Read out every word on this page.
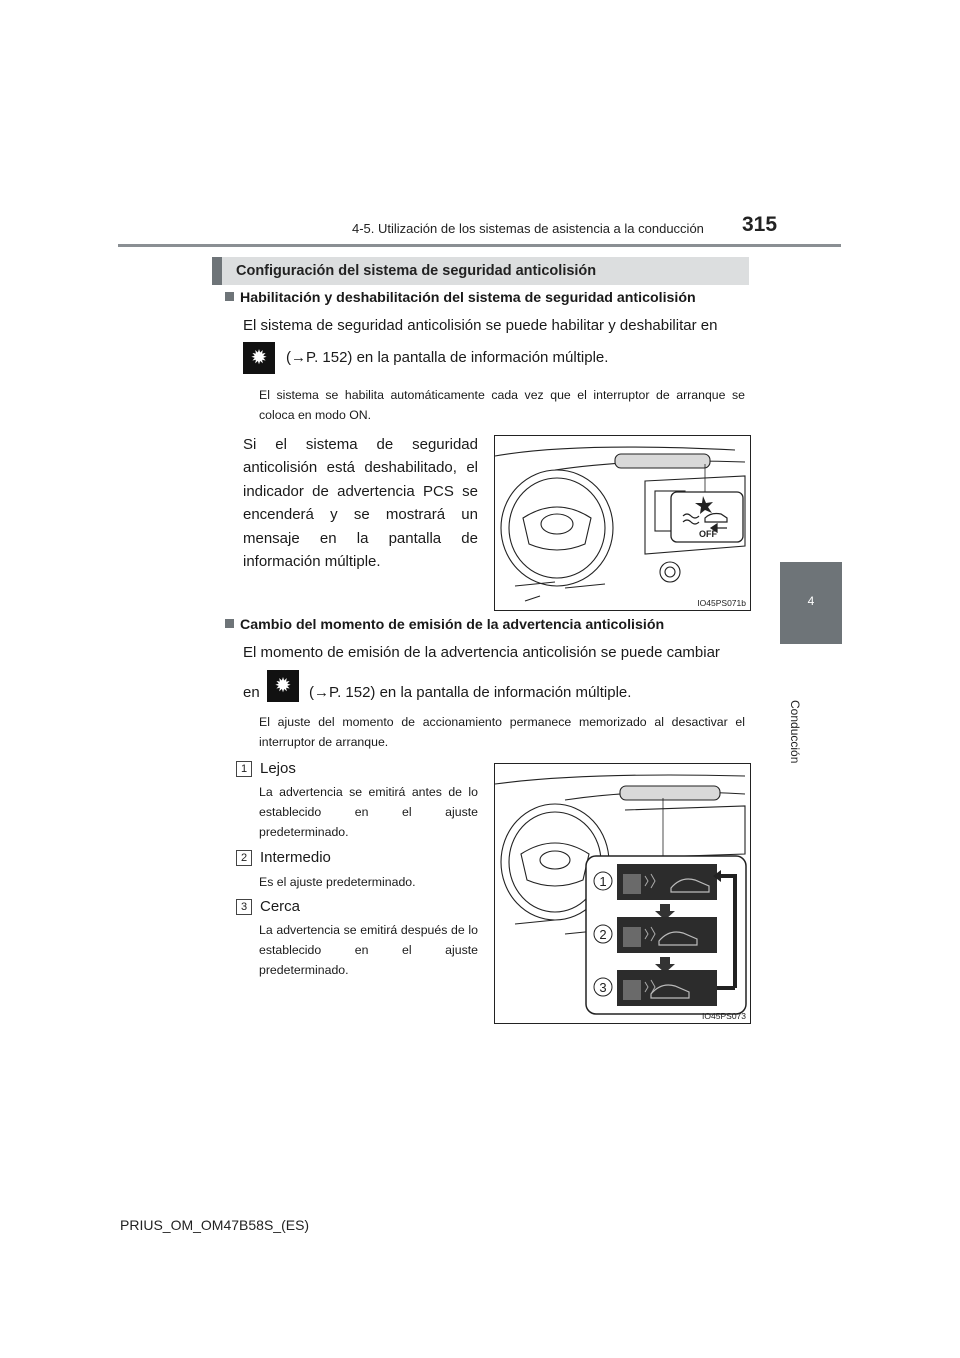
4-5. Utilización de los sistemas de asistencia a la conducción 315
4
Conducción
Configuración del sistema de seguridad anticolisión
Habilitación y deshabilitación del sistema de seguridad anticolisión
El sistema de seguridad anticolisión se puede habilitar y deshabilitar en
✹ (→P. 152) en la pantalla de información múltiple.
El sistema se habilita automáticamente cada vez que el interruptor de arranque se coloca en modo ON.
Si el sistema de seguridad anticolisión está deshabilitado, el indicador de advertencia PCS se encenderá y se mostrará un mensaje en la pantalla de información múltiple.
OFF
IO45PS071b
Cambio del momento de emisión de la advertencia anticolisión
El momento de emisión de la advertencia anticolisión se puede cambiar
en ✹ (→P. 152) en la pantalla de información múltiple.
El ajuste del momento de accionamiento permanece memorizado al desactivar el interruptor de arranque.
1 Lejos
La advertencia se emitirá antes de lo establecido en el ajuste predeterminado.
2 Intermedio
Es el ajuste predeterminado.
3 Cerca
La advertencia se emitirá después de lo establecido en el ajuste predeterminado.
1
2
3
IO45PS073
PRIUS_OM_OM47B58S_(ES)
